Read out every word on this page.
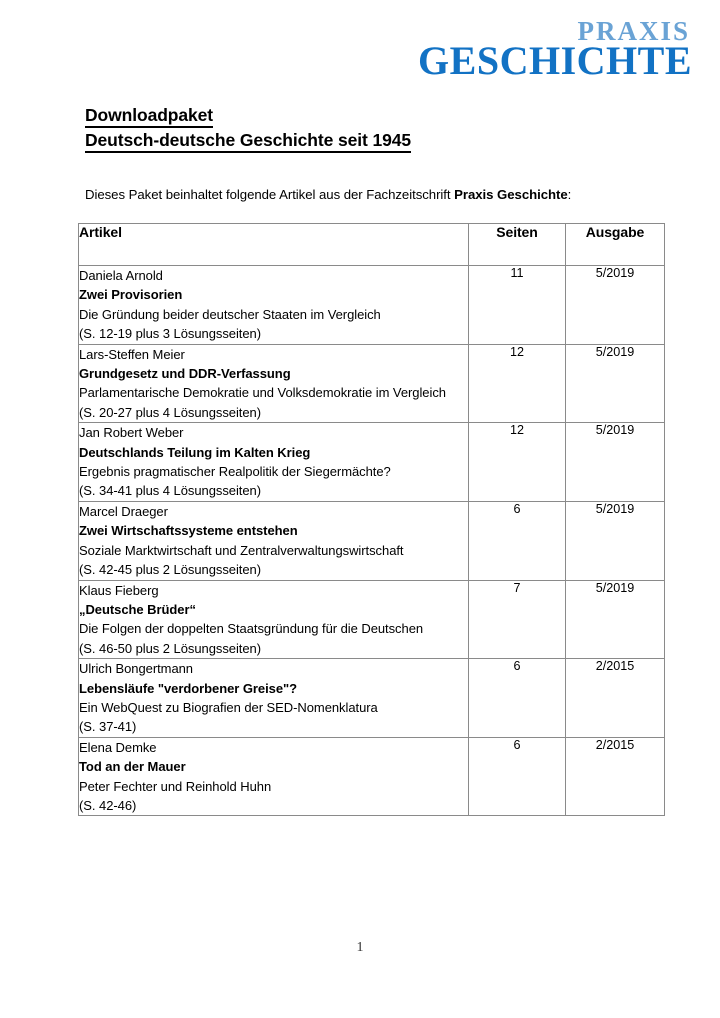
PRAXIS
GESCHICHTE
Downloadpaket
Deutsch-deutsche Geschichte seit 1945
Dieses Paket beinhaltet folgende Artikel aus der Fachzeitschrift Praxis Geschichte:
Artikel	Seiten	Ausgabe

Daniela Arnold
Zwei Provisorien
Die Gründung beider deutscher Staaten im Vergleich
(S. 12-19 plus 3 Lösungsseiten)	11	5/2019

Lars-Steffen Meier
Grundgesetz und DDR-Verfassung
Parlamentarische Demokratie und Volksdemokratie im Vergleich
(S. 20-27 plus 4 Lösungsseiten)	12	5/2019

Jan Robert Weber
Deutschlands Teilung im Kalten Krieg
Ergebnis pragmatischer Realpolitik der Siegermächte?
(S. 34-41 plus 4 Lösungsseiten)	12	5/2019

Marcel Draeger
Zwei Wirtschaftssysteme entstehen
Soziale Marktwirtschaft und Zentralverwaltungswirtschaft
(S. 42-45 plus 2 Lösungsseiten)	6	5/2019

Klaus Fieberg
„Deutsche Brüder“
Die Folgen der doppelten Staatsgründung für die Deutschen
(S. 46-50 plus 2 Lösungsseiten)	7	5/2019

Ulrich Bongertmann
Lebensläufe "verdorbener Greise"?
Ein WebQuest zu Biografien der SED-Nomenklatura
(S. 37-41)	6	2/2015

Elena Demke
Tod an der Mauer
Peter Fechter und Reinhold Huhn
(S. 42-46)	6	2/2015
1
